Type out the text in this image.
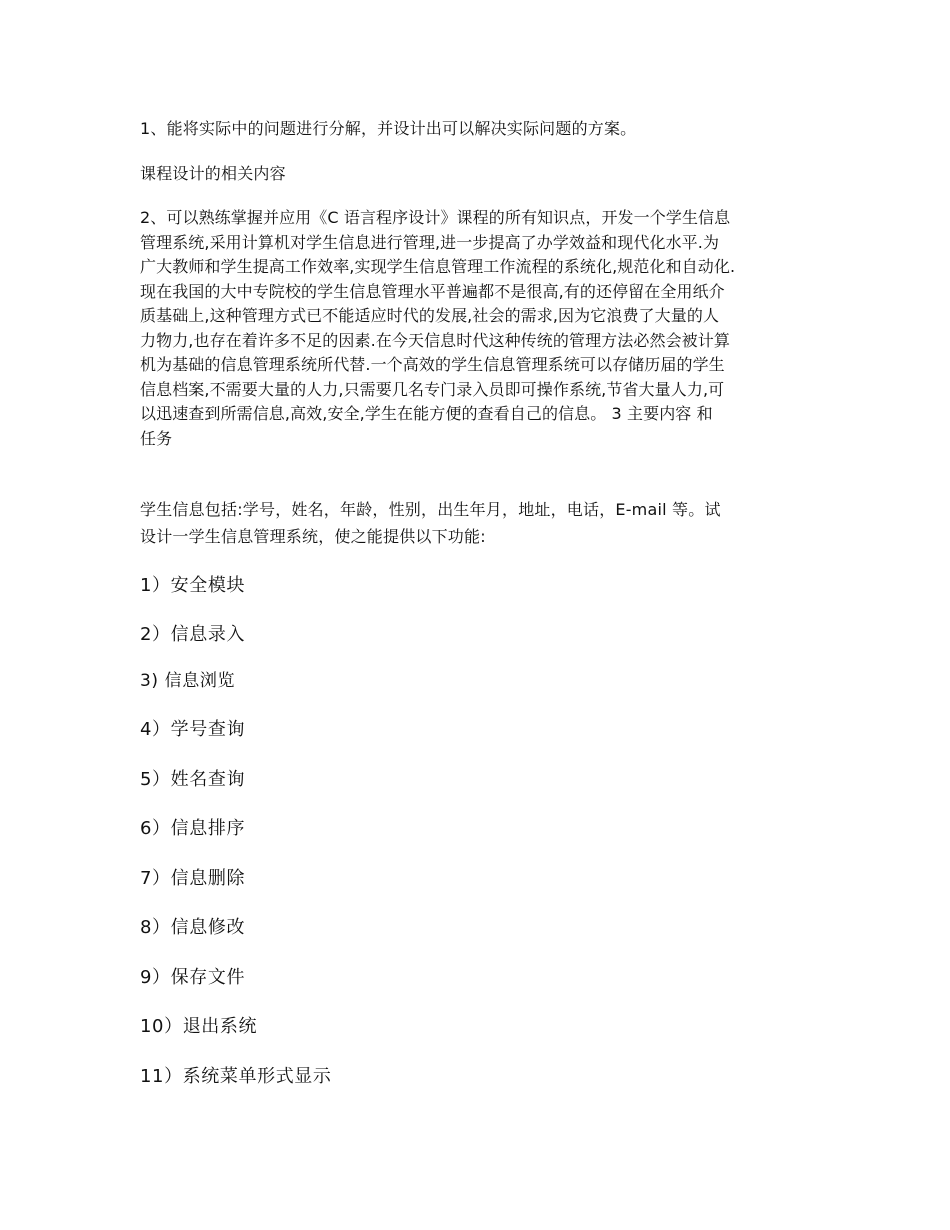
1、能将实际中的问题进行分解，并设计出可以解决实际问题的方案。

课程设计的相关内容

2、可以熟练掌握并应用《C 语言程序设计》课程的所有知识点，开发一个学生信息
管理系统,采用计算机对学生信息进行管理,进一步提高了办学效益和现代化水平.为
广大教师和学生提高工作效率,实现学生信息管理工作流程的系统化,规范化和自动化.
现在我国的大中专院校的学生信息管理水平普遍都不是很高,有的还停留在全用纸介
质基础上,这种管理方式已不能适应时代的发展,社会的需求,因为它浪费了大量的人
力物力,也存在着许多不足的因素.在今天信息时代这种传统的管理方法必然会被计算
机为基础的信息管理系统所代替.一个高效的学生信息管理系统可以存储历届的学生
信息档案,不需要大量的人力,只需要几名专门录入员即可操作系统,节省大量人力,可
以迅速查到所需信息,高效,安全,学生在能方便的查看自己的信息。 3 主要内容 和
任务

学生信息包括:学号，姓名，年龄，性别，出生年月，地址，电话，E-mail 等。试

设计一学生信息管理系统，使之能提供以下功能:

1）安全模块

2）信息录入

3) 信息浏览

4）学号查询

5）姓名查询

6）信息排序

7）信息删除

8）信息修改

9）保存文件

10）退出系统

11）系统菜单形式显示
